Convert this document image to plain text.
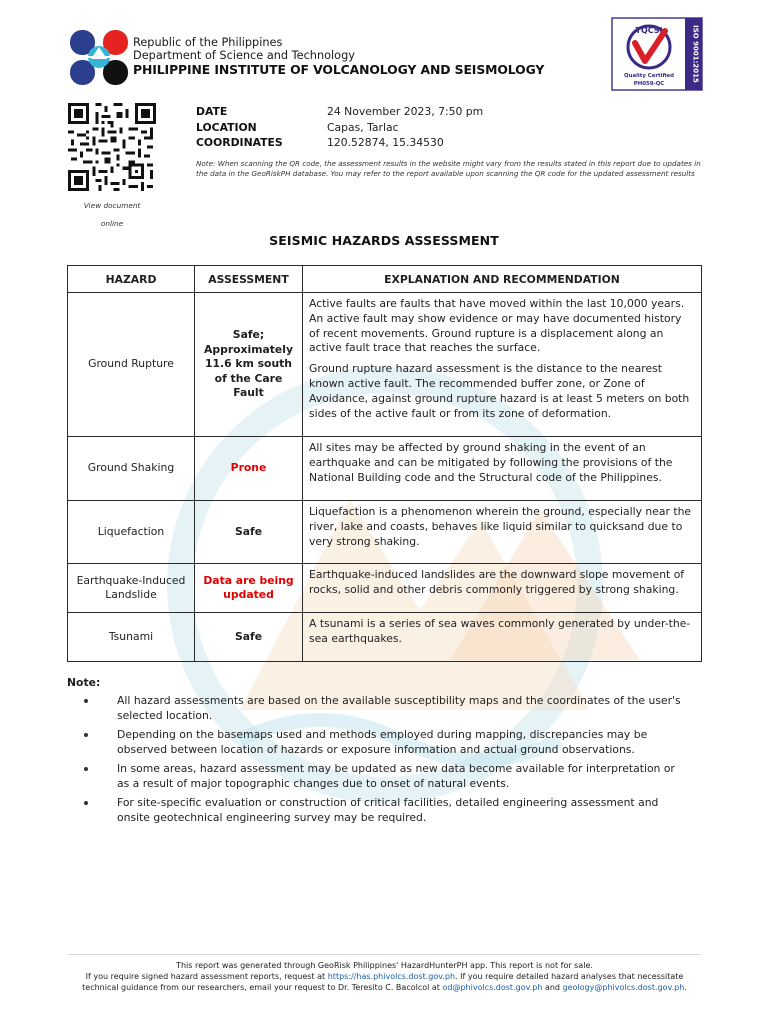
Republic of the Philippines
Department of Science and Technology
PHILIPPINE INSTITUTE OF VOLCANOLOGY AND SEISMOLOGY	ISO 9001:2015
TQCSI
Quality Certified
PH059-QC
View document
online
DATE	24 November 2023, 7:50 pm
LOCATION	Capas, Tarlac
COORDINATES	120.52874, 15.34530
Note: When scanning the QR code, the assessment results in the website might vary from the results stated in this report due to updates in the data in the GeoRiskPH database. You may refer to the report available upon scanning the QR code for the updated assessment results
SEISMIC HAZARDS ASSESSMENT
HAZARD	ASSESSMENT	EXPLANATION AND RECOMMENDATION
Ground Rupture	Safe; Approximately 11.6 km south of the Care Fault	Active faults are faults that have moved within the last 10,000 years. An active fault may show evidence or may have documented history of recent movements. Ground rupture is a displacement along an active fault trace that reaches the surface.

Ground rupture hazard assessment is the distance to the nearest known active fault. The recommended buffer zone, or Zone of Avoidance, against ground rupture hazard is at least 5 meters on both sides of the active fault or from its zone of deformation.

Ground Shaking	Prone	All sites may be affected by ground shaking in the event of an earthquake and can be mitigated by following the provisions of the National Building code and the Structural code of the Philippines.

Liquefaction	Safe	Liquefaction is a phenomenon wherein the ground, especially near the river, lake and coasts, behaves like liquid similar to quicksand due to very strong shaking.

Earthquake-Induced Landslide	Data are being updated	Earthquake-induced landslides are the downward slope movement of rocks, solid and other debris commonly triggered by strong shaking.

Tsunami	Safe	A tsunami is a series of sea waves commonly generated by under-the-sea earthquakes.

Note:
All hazard assessments are based on the available susceptibility maps and the coordinates of the user's selected location.
Depending on the basemaps used and methods employed during mapping, discrepancies may be observed between location of hazards or exposure information and actual ground observations.
In some areas, hazard assessment may be updated as new data become available for interpretation or as a result of major topographic changes due to onset of natural events.
For site-specific evaluation or construction of critical facilities, detailed engineering assessment and onsite geotechnical engineering survey may be required.
This report was generated through GeoRisk Philippines' HazardHunterPH app. This report is not for sale.
If you require signed hazard assessment reports, request at https://has.phivolcs.dost.gov.ph. If you require detailed hazard analyses that necessitate technical guidance from our researchers, email your request to Dr. Teresito C. Bacolcol at od@phivolcs.dost.gov.ph and geology@phivolcs.dost.gov.ph.
